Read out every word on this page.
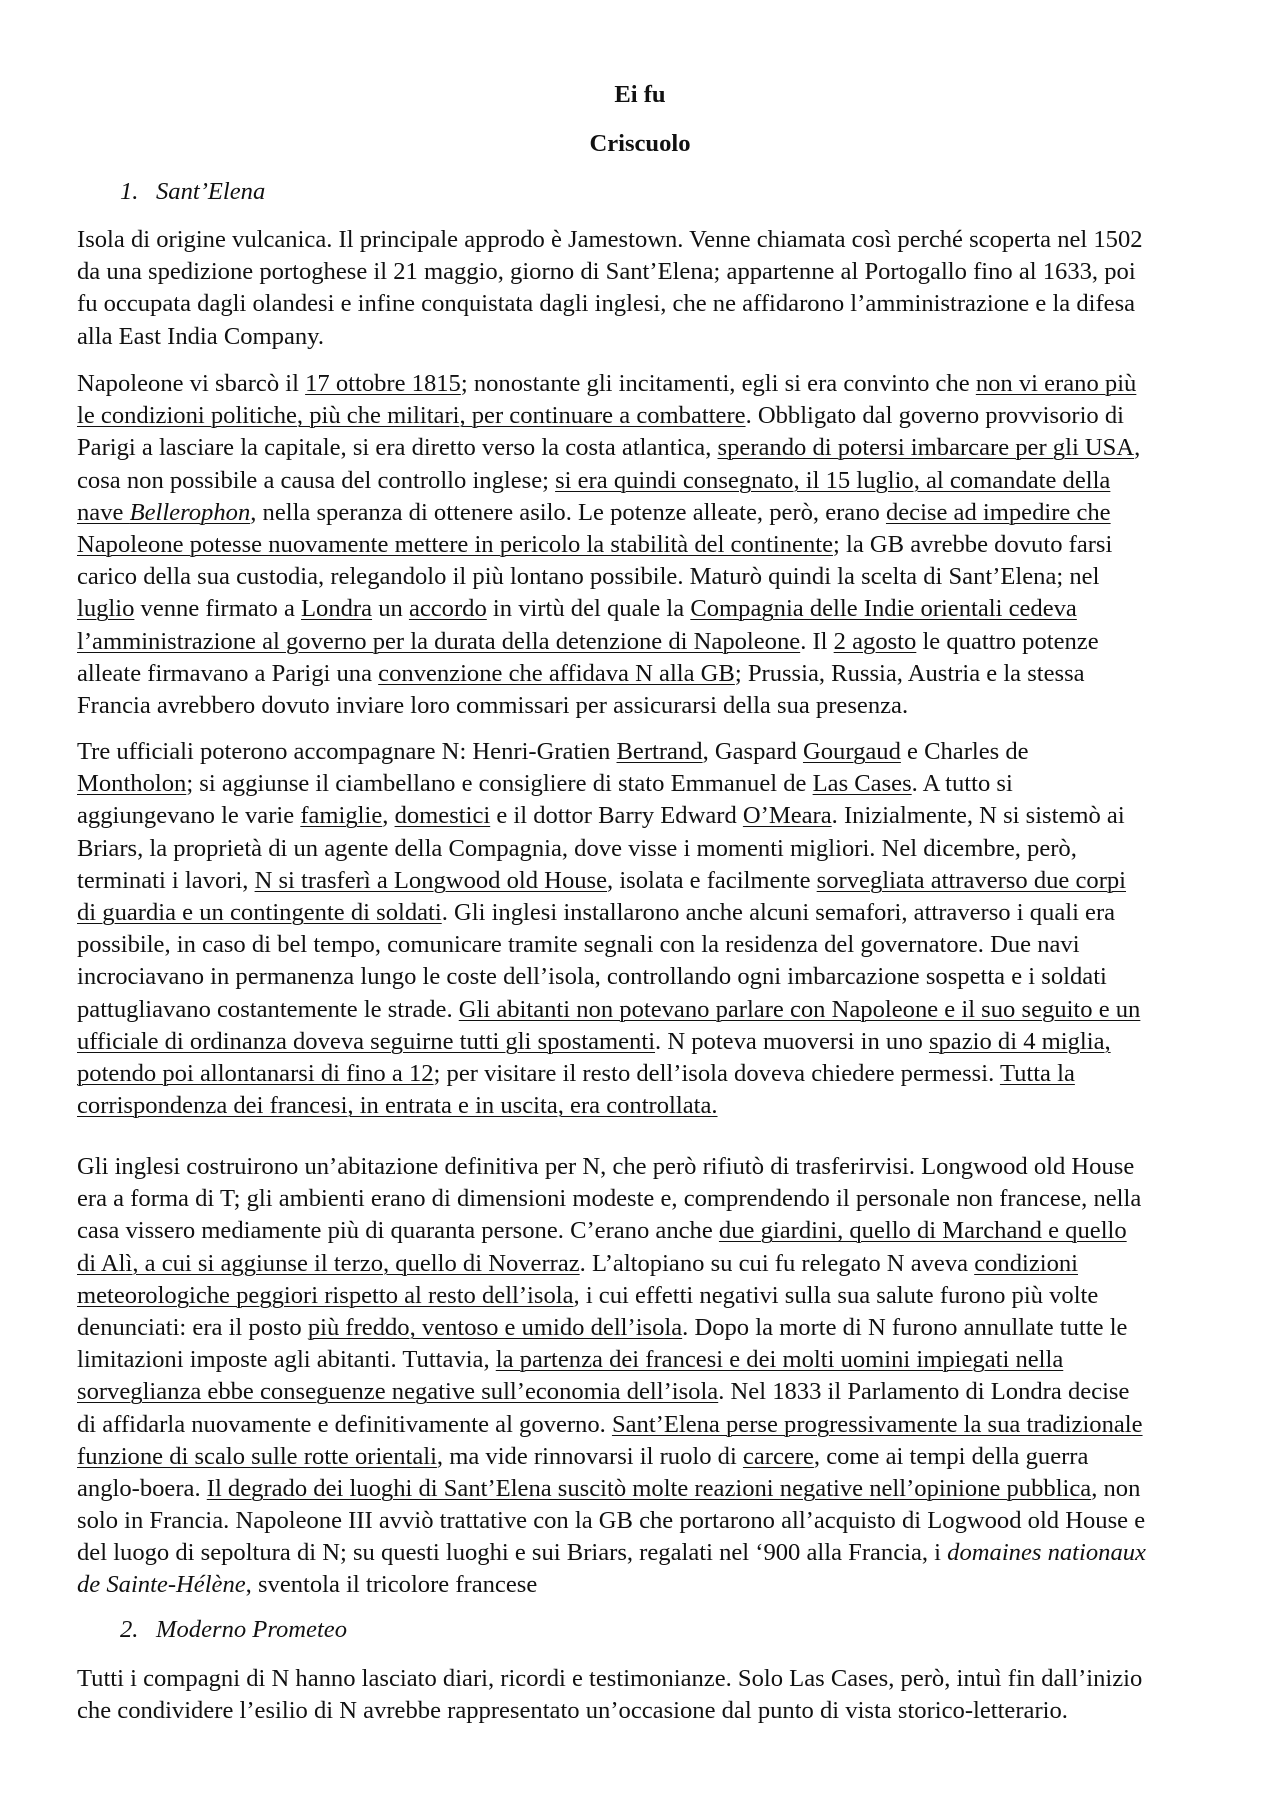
Ei fu
Criscuolo
1. Sant’Elena
Isola di origine vulcanica. Il principale approdo è Jamestown. Venne chiamata così perché scoperta nel 1502
da una spedizione portoghese il 21 maggio, giorno di Sant’Elena; appartenne al Portogallo fino al 1633, poi
fu occupata dagli olandesi e infine conquistata dagli inglesi, che ne affidarono l’amministrazione e la difesa
alla East India Company.
Napoleone vi sbarcò il 17 ottobre 1815; nonostante gli incitamenti, egli si era convinto che non vi erano più
le condizioni politiche, più che militari, per continuare a combattere. Obbligato dal governo provvisorio di
Parigi a lasciare la capitale, si era diretto verso la costa atlantica, sperando di potersi imbarcare per gli USA,
cosa non possibile a causa del controllo inglese; si era quindi consegnato, il 15 luglio, al comandate della
nave Bellerophon, nella speranza di ottenere asilo. Le potenze alleate, però, erano decise ad impedire che
Napoleone potesse nuovamente mettere in pericolo la stabilità del continente; la GB avrebbe dovuto farsi
carico della sua custodia, relegandolo il più lontano possibile. Maturò quindi la scelta di Sant’Elena; nel
luglio venne firmato a Londra un accordo in virtù del quale la Compagnia delle Indie orientali cedeva
l’amministrazione al governo per la durata della detenzione di Napoleone. Il 2 agosto le quattro potenze
alleate firmavano a Parigi una convenzione che affidava N alla GB; Prussia, Russia, Austria e la stessa
Francia avrebbero dovuto inviare loro commissari per assicurarsi della sua presenza.
Tre ufficiali poterono accompagnare N: Henri-Gratien Bertrand, Gaspard Gourgaud e Charles de
Montholon; si aggiunse il ciambellano e consigliere di stato Emmanuel de Las Cases. A tutto si
aggiungevano le varie famiglie, domestici e il dottor Barry Edward O’Meara. Inizialmente, N si sistemò ai
Briars, la proprietà di un agente della Compagnia, dove visse i momenti migliori. Nel dicembre, però,
terminati i lavori, N si trasferì a Longwood old House, isolata e facilmente sorvegliata attraverso due corpi
di guardia e un contingente di soldati. Gli inglesi installarono anche alcuni semafori, attraverso i quali era
possibile, in caso di bel tempo, comunicare tramite segnali con la residenza del governatore. Due navi
incrociavano in permanenza lungo le coste dell’isola, controllando ogni imbarcazione sospetta e i soldati
pattugliavano costantemente le strade. Gli abitanti non potevano parlare con Napoleone e il suo seguito e un
ufficiale di ordinanza doveva seguirne tutti gli spostamenti. N poteva muoversi in uno spazio di 4 miglia,
potendo poi allontanarsi di fino a 12; per visitare il resto dell’isola doveva chiedere permessi. Tutta la
corrispondenza dei francesi, in entrata e in uscita, era controllata.
Gli inglesi costruirono un’abitazione definitiva per N, che però rifiutò di trasferirvisi. Longwood old House
era a forma di T; gli ambienti erano di dimensioni modeste e, comprendendo il personale non francese, nella
casa vissero mediamente più di quaranta persone. C’erano anche due giardini, quello di Marchand e quello
di Alì, a cui si aggiunse il terzo, quello di Noverraz. L’altopiano su cui fu relegato N aveva condizioni
meteorologiche peggiori rispetto al resto dell’isola, i cui effetti negativi sulla sua salute furono più volte
denunciati: era il posto più freddo, ventoso e umido dell’isola. Dopo la morte di N furono annullate tutte le
limitazioni imposte agli abitanti. Tuttavia, la partenza dei francesi e dei molti uomini impiegati nella
sorveglianza ebbe conseguenze negative sull’economia dell’isola. Nel 1833 il Parlamento di Londra decise
di affidarla nuovamente e definitivamente al governo. Sant’Elena perse progressivamente la sua tradizionale
funzione di scalo sulle rotte orientali, ma vide rinnovarsi il ruolo di carcere, come ai tempi della guerra
anglo-boera. Il degrado dei luoghi di Sant’Elena suscitò molte reazioni negative nell’opinione pubblica, non
solo in Francia. Napoleone III avviò trattative con la GB che portarono all’acquisto di Logwood old House e
del luogo di sepoltura di N; su questi luoghi e sui Briars, regalati nel ‘900 alla Francia, i domaines nationaux
de Sainte-Hélène, sventola il tricolore francese
2. Moderno Prometeo
Tutti i compagni di N hanno lasciato diari, ricordi e testimonianze. Solo Las Cases, però, intuì fin dall’inizio
che condividere l’esilio di N avrebbe rappresentato un’occasione dal punto di vista storico-letterario.
